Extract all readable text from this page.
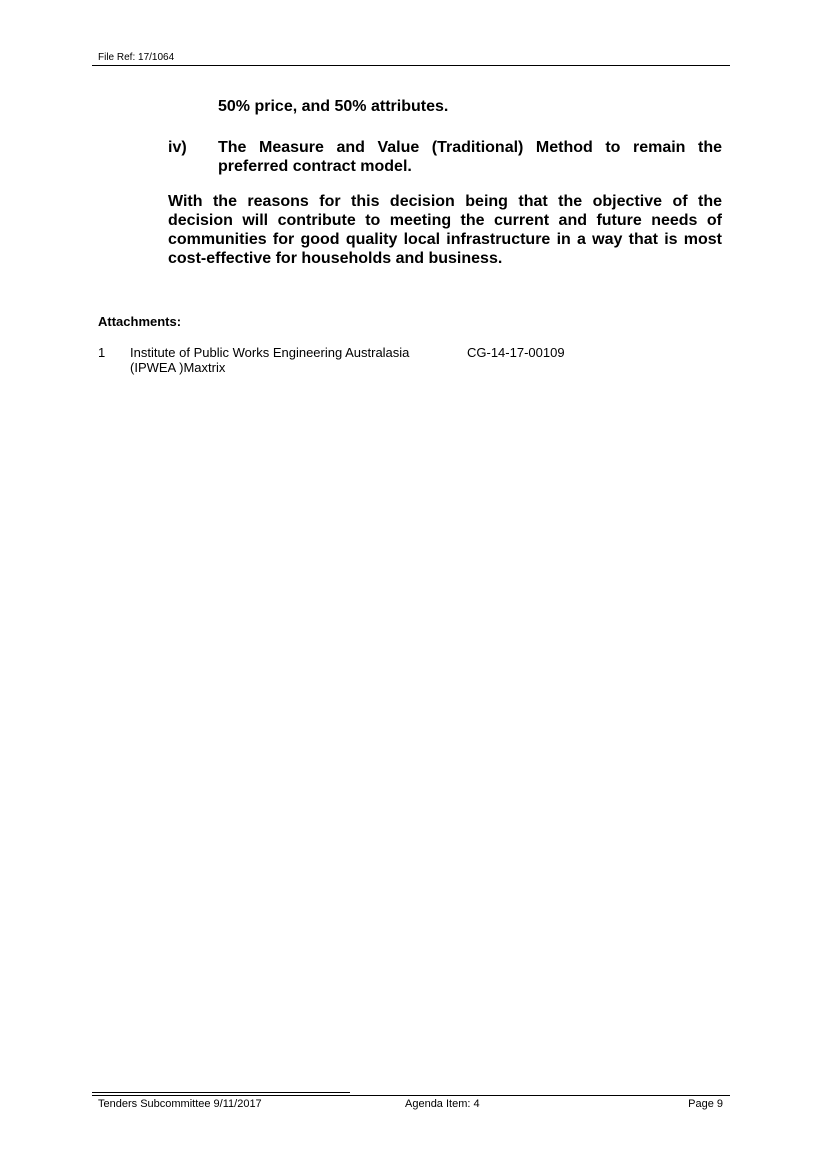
File Ref: 17/1064
50% price, and 50% attributes.
iv) The Measure and Value (Traditional) Method to remain the preferred contract model.
With the reasons for this decision being that the objective of the decision will contribute to meeting the current and future needs of communities for good quality local infrastructure in a way that is most cost-effective for households and business.
Attachments:
1 Institute of Public Works Engineering Australasia (IPWEA )Maxtrix
CG-14-17-00109
Tenders Subcommittee 9/11/2017	Agenda Item: 4	Page 9
